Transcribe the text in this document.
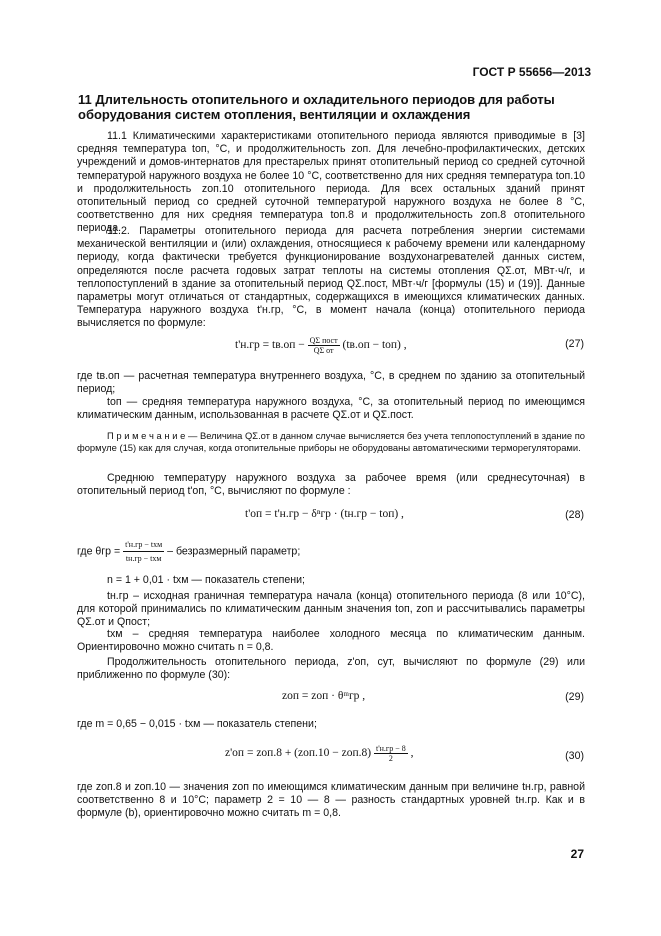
ГОСТ Р 55656—2013
11 Длительность отопительного и охладительного периодов для работы оборудования систем отопления, вентиляции и охлаждения
11.1 Климатическими характеристиками отопительного периода являются приводимые в [3] средняя температура tоп, °С, и продолжительность zоп. Для лечебно-профилактических, детских учреждений и домов-интернатов для престарелых принят отопительный период со средней суточной температурой наружного воздуха не более 10 °С, соответственно для них средняя температура tоп.10 и продолжительность zоп.10 отопительного периода. Для всех остальных зданий принят отопительный период со средней суточной температурой наружного воздуха не более 8 °С, соответственно для них средняя температура tоп.8 и продолжительность zоп.8 отопительного периода.
11.2. Параметры отопительного периода для расчета потребления энергии системами механической вентиляции и (или) охлаждения, относящиеся к рабочему времени или календарному периоду, когда фактически требуется функционирование воздухонагревателей данных систем, определяются после расчета годовых затрат теплоты на системы отопления QΣ.от, МВт·ч/г, и теплопоступлений в здание за отопительный период QΣ.пост, МВт·ч/г [формулы (15) и (19)]. Данные параметры могут отличаться от стандартных, содержащихся в имеющихся климатических данных. Температура наружного воздуха t'н.гр, °С, в момент начала (конца) отопительного периода вычисляется по формуле:
$t'н.гр = tв.оп - \frac{\text{QΣ пост}}{\text{QΣ от}} (tв.оп - tоп)$ ,	(27)
где tв.оп — расчетная температура внутреннего воздуха, °С, в среднем по зданию за отопительный период;
tоп — средняя температура наружного воздуха, °С, за отопительный период по имеющимся климатическим данным, использованная в расчете QΣ.от и QΣ.пост.
П р и м е ч а н и е — Величина QΣ.от в данном случае вычисляется без учета теплопоступлений в здание по формуле (15) как для случая, когда отопительные приборы не оборудованы автоматическими терморегуляторами.
Среднюю температуру наружного воздуха за рабочее время (или среднесуточная) в отопительный период t'оп, °С, вычисляют по формуле :
t'оп = t'н.гр − δⁿгр · (tн.гр − tоп) ,	(28)
где $\theta гр = \frac{\text{t'н.гр − tхм}}{\text{tн.гр − tхм}}$ – безразмерный параметр;
n = 1 + 0,01 · tхм — показатель степени;
tн.гр – исходная граничная температура начала (конца) отопительного периода (8 или 10°С), для которой принимались по климатическим данным значения tоп, zоп и рассчитывались параметры QΣ.от и Qпост;
tхм – средняя температура наиболее холодного месяца по климатическим данным. Ориентировочно можно считать n = 0,8.
Продолжительность отопительного периода, z'оп, сут, вычисляют по формуле (29) или приближенно по формуле (30):
zоп = zоп · θᵐгр ,	(29)
где m = 0,65 − 0,015 · tхм — показатель степени;
$z'оп = zоп.8 + (zоп.10 - zоп.8) \frac{t'н.гр - 8}{2}$ ,	(30)
где zоп.8 и zоп.10 — значения zоп по имеющимся климатическим данным при величине tн.гр, равной соответственно 8 и 10°С; параметр 2 = 10 — 8 — разность стандартных уровней tн.гр. Как и в формуле (b), ориентировочно можно считать m = 0,8.
27
